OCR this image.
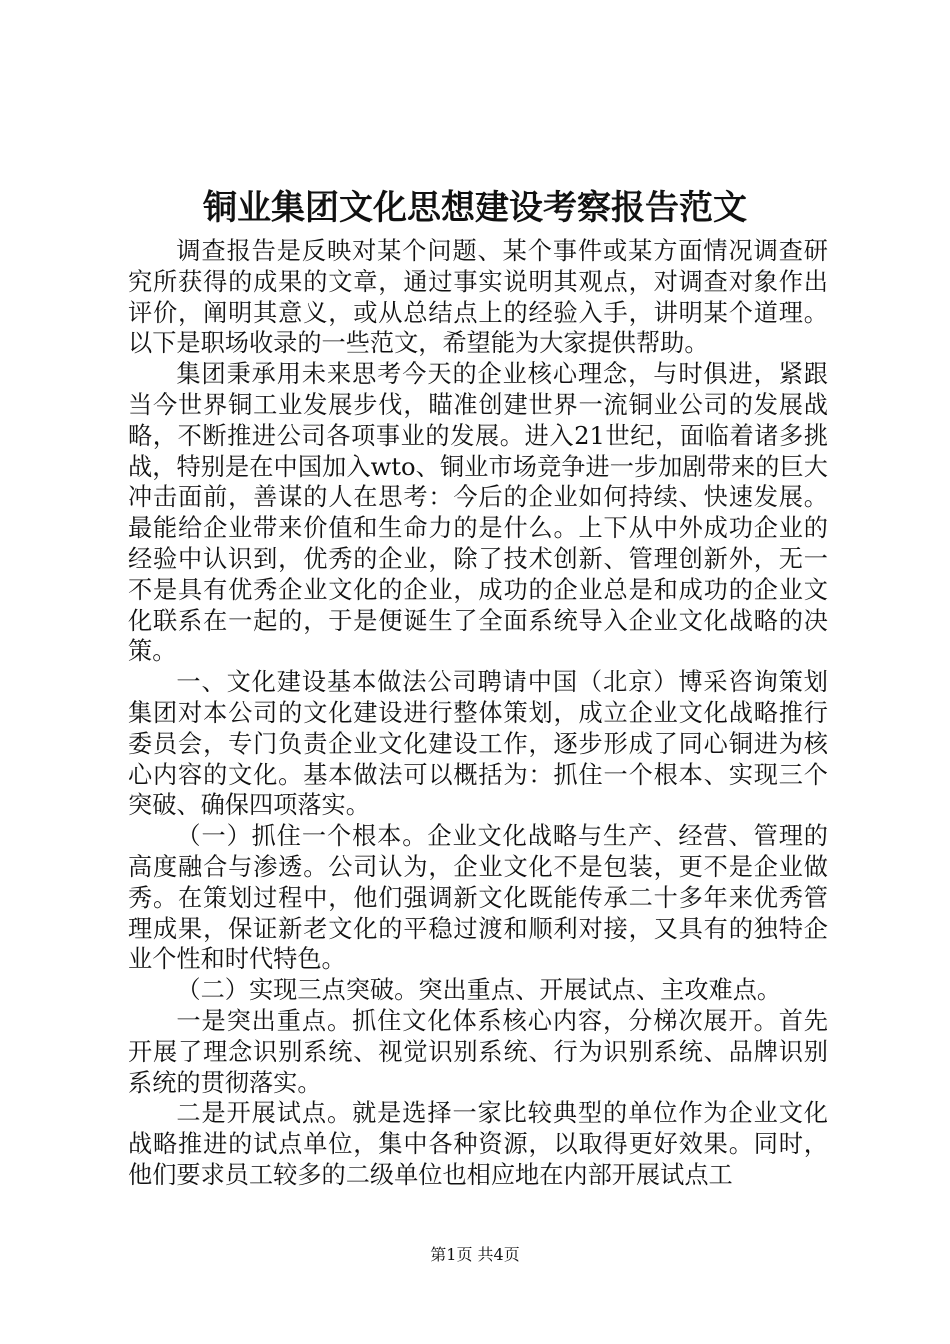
铜业集团文化思想建设考察报告范文

调查报告是反映对某个问题、某个事件或某方面情况调查研究所获得的成果的文章，通过事实说明其观点，对调查对象作出评价，阐明其意义，或从总结点上的经验入手，讲明某个道理。以下是职场收录的一些范文，希望能为大家提供帮助。

集团秉承用未来思考今天的企业核心理念，与时俱进，紧跟当今世界铜工业发展步伐，瞄准创建世界一流铜业公司的发展战略，不断推进公司各项事业的发展。进入21世纪，面临着诸多挑战，特别是在中国加入wto、铜业市场竞争进一步加剧带来的巨大冲击面前，善谋的人在思考：今后的企业如何持续、快速发展。最能给企业带来价值和生命力的是什么。上下从中外成功企业的经验中认识到，优秀的企业，除了技术创新、管理创新外，无一不是具有优秀企业文化的企业，成功的企业总是和成功的企业文化联系在一起的，于是便诞生了全面系统导入企业文化战略的决策。

一、文化建设基本做法公司聘请中国（北京）博采咨询策划集团对本公司的文化建设进行整体策划，成立企业文化战略推行委员会，专门负责企业文化建设工作，逐步形成了同心铜进为核心内容的文化。基本做法可以概括为：抓住一个根本、实现三个突破、确保四项落实。

（一）抓住一个根本。企业文化战略与生产、经营、管理的高度融合与渗透。公司认为，企业文化不是包装，更不是企业做秀。在策划过程中，他们强调新文化既能传承二十多年来优秀管理成果，保证新老文化的平稳过渡和顺利对接，又具有的独特企业个性和时代特色。

（二）实现三点突破。突出重点、开展试点、主攻难点。

一是突出重点。抓住文化体系核心内容，分梯次展开。首先开展了理念识别系统、视觉识别系统、行为识别系统、品牌识别系统的贯彻落实。

二是开展试点。就是选择一家比较典型的单位作为企业文化战略推进的试点单位，集中各种资源，以取得更好效果。同时，他们要求员工较多的二级单位也相应地在内部开展试点工

第1页 共4页
